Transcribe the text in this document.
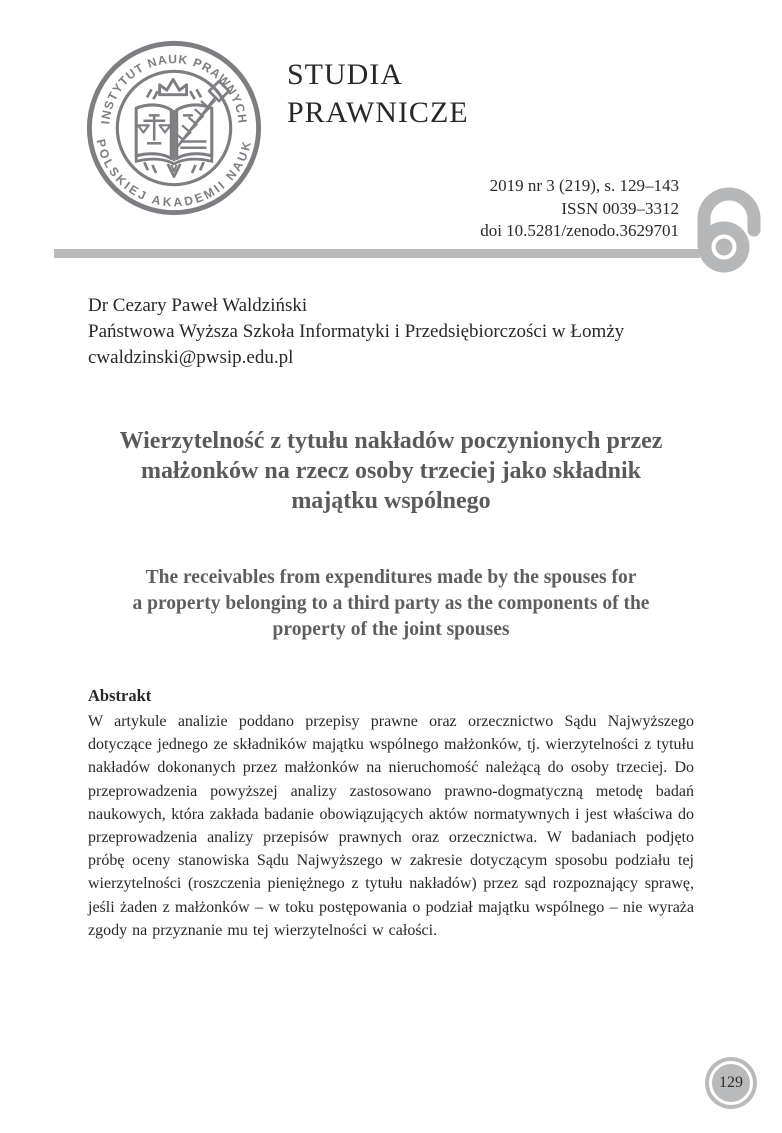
INSTYTUT NAUK PRAWNYCH
POLSKIEJ AKADEMII NAUK
STUDIA
PRAWNICZE
2019 nr 3 (219), s. 129–143
ISSN 0039–3312
doi 10.5281/zenodo.3629701
Dr Cezary Paweł Waldziński
Państwowa Wyższa Szkoła Informatyki i Przedsiębiorczości w Łomży
cwaldzinski@pwsip.edu.pl
Wierzytelność z tytułu nakładów poczynionych przez
małżonków na rzecz osoby trzeciej jako składnik
majątku wspólnego
The receivables from expenditures made by the spouses for
a property belonging to a third party as the components of the
property of the joint spouses
Abstrakt

W artykule analizie poddano przepisy prawne oraz orzecznictwo Sądu Najwyższego dotyczące jednego ze składników majątku wspólnego małżonków, tj. wierzytelności z tytułu nakładów dokonanych przez małżonków na nieruchomość należącą do osoby trzeciej. Do przeprowadzenia powyższej analizy zastosowano prawno-dogmatyczną metodę badań naukowych, która zakłada badanie obowiązujących aktów normatywnych i jest właściwa do przeprowadzenia analizy przepisów prawnych oraz orzecznictwa. W badaniach podjęto próbę oceny stanowiska Sądu Najwyższego w zakresie dotyczącym sposobu podziału tej wierzytelności (roszczenia pieniężnego z tytułu nakładów) przez sąd rozpoznający sprawę, jeśli żaden z małżonków – w toku postępowania o podział majątku wspólnego – nie wyraża zgody na przyznanie mu tej wierzytelności w całości.

129
